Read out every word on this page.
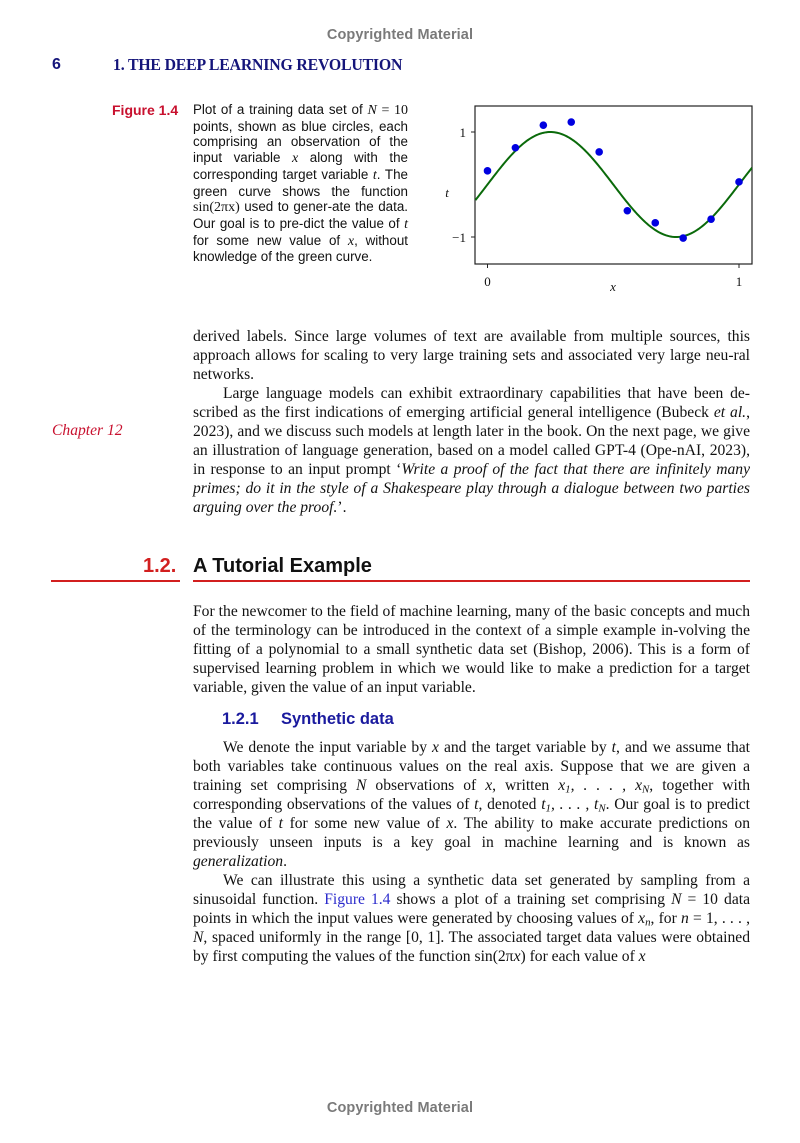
Copyrighted Material
6	1. THE DEEP LEARNING REVOLUTION
Figure 1.4 Plot of a training data set of N = 10 points, shown as blue circles, each comprising an observation of the input variable x along with the corresponding target variable t. The green curve shows the function sin(2πx) used to gener-ate the data. Our goal is to pre-dict the value of t for some new value of x, without knowledge of the green curve.
1
−1
0	1
x
t

derived labels. Since large volumes of text are available from multiple sources, this approach allows for scaling to very large training sets and associated very large neu-ral networks.

Large language models can exhibit extraordinary capabilities that have been de-scribed as the first indications of emerging artificial general intelligence (Bubeck et al., 2023), and we discuss such models at length later in the book. On the next page, we give an illustration of language generation, based on a model called GPT-4 (Ope-nAI, 2023), in response to an input prompt ‘Write a proof of the fact that there are infinitely many primes; do it in the style of a Shakespeare play through a dialogue between two parties arguing over the proof.’.

Chapter 12
1.2. A Tutorial Example

For the newcomer to the field of machine learning, many of the basic concepts and much of the terminology can be introduced in the context of a simple example in-volving the fitting of a polynomial to a small synthetic data set (Bishop, 2006). This is a form of supervised learning problem in which we would like to make a prediction for a target variable, given the value of an input variable.

1.2.1 Synthetic data

We denote the input variable by x and the target variable by t, and we assume that both variables take continuous values on the real axis. Suppose that we are given a training set comprising N observations of x, written $x_1$, . . . , $x_N$, together with corresponding observations of the values of t, denoted $t_1$, . . . , $t_N$. Our goal is to predict the value of t for some new value of x. The ability to make accurate predictions on previously unseen inputs is a key goal in machine learning and is known as generalization.

We can illustrate this using a synthetic data set generated by sampling from a sinusoidal function. Figure 1.4 shows a plot of a training set comprising N = 10 data points in which the input values were generated by choosing values of $x_n$, for n = 1, . . . , N, spaced uniformly in the range [0, 1]. The associated target data values were obtained by first computing the values of the function sin(2πx) for each value of x

Copyrighted Material
